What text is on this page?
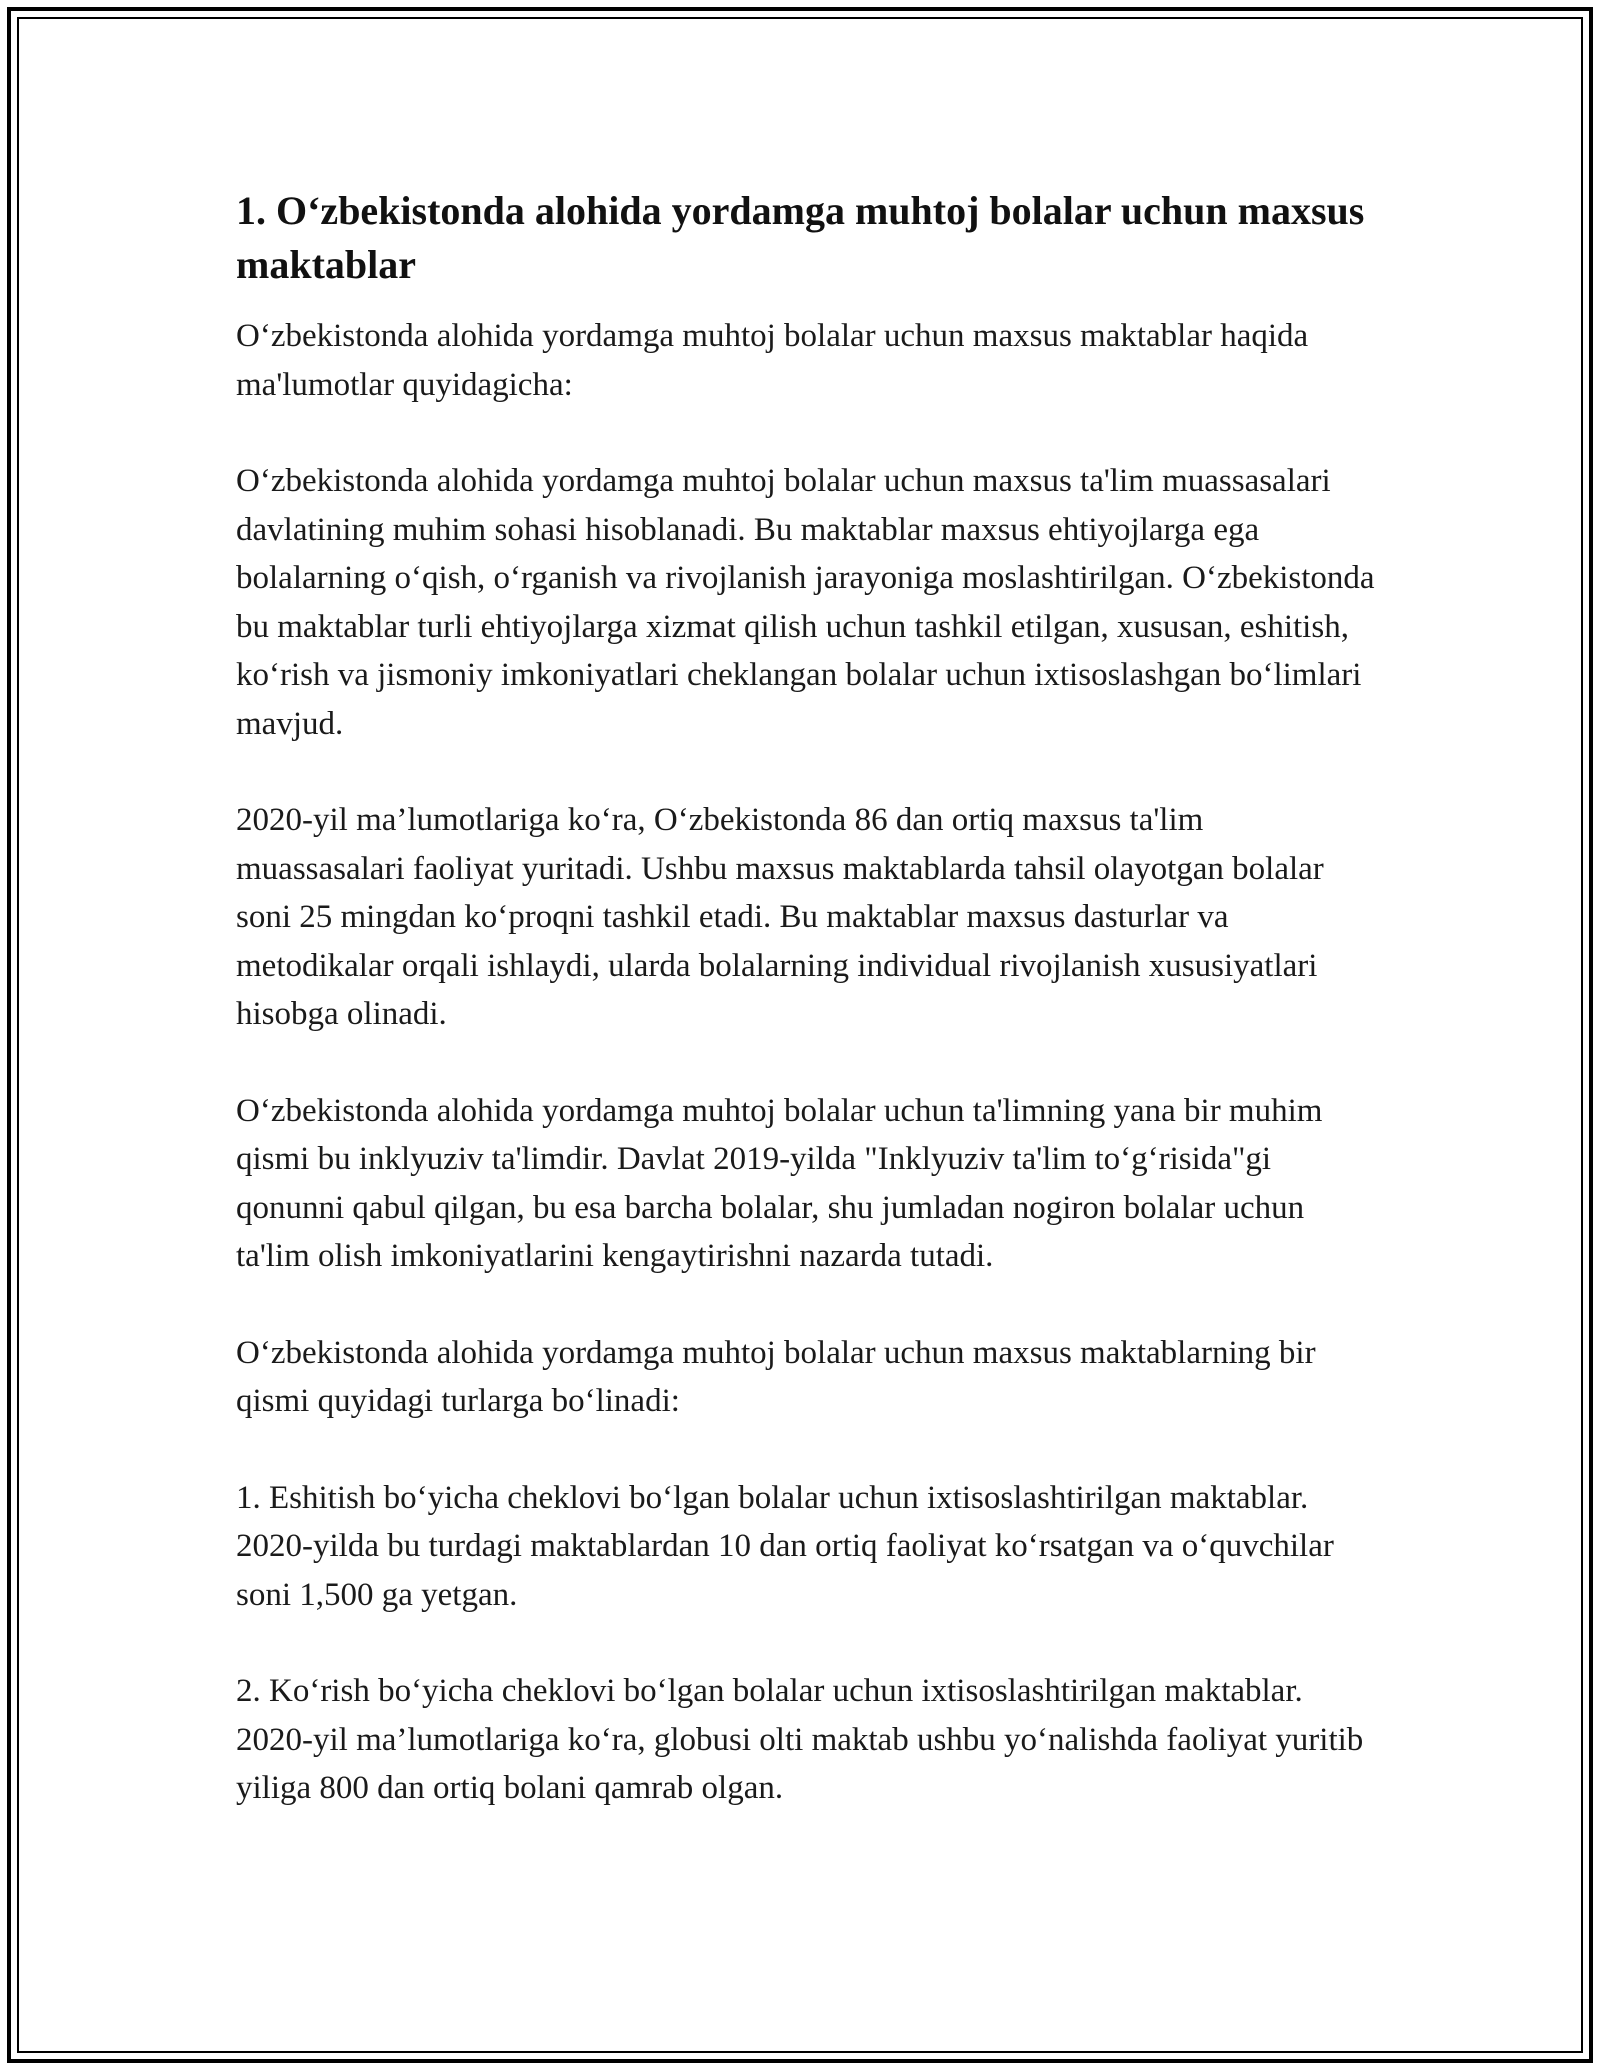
1. O‘zbekistonda alohida yordamga muhtoj bolalar uchun maxsus maktablar

O‘zbekistonda alohida yordamga muhtoj bolalar uchun maxsus maktablar haqida ma'lumotlar quyidagicha:

O‘zbekistonda alohida yordamga muhtoj bolalar uchun maxsus ta'lim muassasalari davlatining muhim sohasi hisoblanadi. Bu maktablar maxsus ehtiyojlarga ega bolalarning o‘qish, o‘rganish va rivojlanish jarayoniga moslashtirilgan. O‘zbekistonda bu maktablar turli ehtiyojlarga xizmat qilish uchun tashkil etilgan, xususan, eshitish, ko‘rish va jismoniy imkoniyatlari cheklangan bolalar uchun ixtisoslashgan bo‘limlari mavjud.

2020-yil ma’lumotlariga ko‘ra, O‘zbekistonda 86 dan ortiq maxsus ta'lim muassasalari faoliyat yuritadi. Ushbu maxsus maktablarda tahsil olayotgan bolalar soni 25 mingdan ko‘proqni tashkil etadi. Bu maktablar maxsus dasturlar va metodikalar orqali ishlaydi, ularda bolalarning individual rivojlanish xususiyatlari hisobga olinadi.

O‘zbekistonda alohida yordamga muhtoj bolalar uchun ta'limning yana bir muhim qismi bu inklyuziv ta'limdir. Davlat 2019-yilda "Inklyuziv ta'lim to‘g‘risida"gi qonunni qabul qilgan, bu esa barcha bolalar, shu jumladan nogiron bolalar uchun ta'lim olish imkoniyatlarini kengaytirishni nazarda tutadi.

O‘zbekistonda alohida yordamga muhtoj bolalar uchun maxsus maktablarning bir qismi quyidagi turlarga bo‘linadi:

1. Eshitish bo‘yicha cheklovi bo‘lgan bolalar uchun ixtisoslashtirilgan maktablar. 2020-yilda bu turdagi maktablardan 10 dan ortiq faoliyat ko‘rsatgan va o‘quvchilar soni 1,500 ga yetgan.

2. Ko‘rish bo‘yicha cheklovi bo‘lgan bolalar uchun ixtisoslashtirilgan maktablar. 2020-yil ma’lumotlariga ko‘ra, globusi olti maktab ushbu yo‘nalishda faoliyat yuritib yiliga 800 dan ortiq bolani qamrab olgan.
